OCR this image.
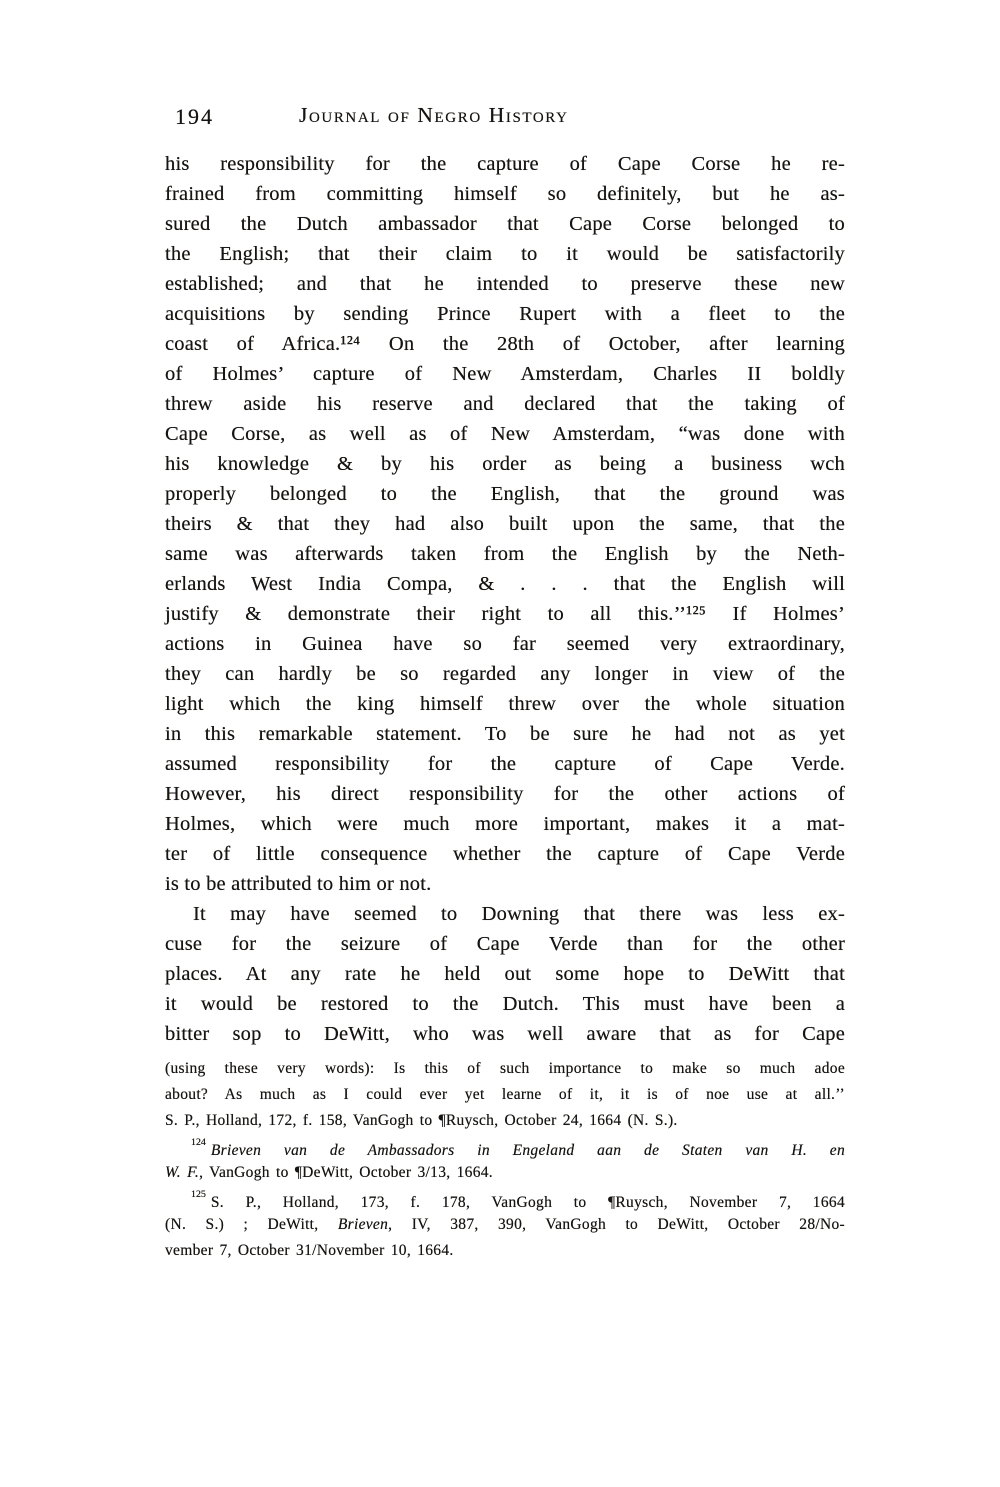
194	Journal of Negro History
his responsibility for the capture of Cape Corse he re-
frained from committing himself so definitely, but he as-
sured the Dutch ambassador that Cape Corse belonged to
the English; that their claim to it would be satisfactorily
established; and that he intended to preserve these new
acquisitions by sending Prince Rupert with a fleet to the
coast of Africa.¹²⁴ On the 28th of October, after learning
of Holmes’ capture of New Amsterdam, Charles II boldly
threw aside his reserve and declared that the taking of
Cape Corse, as well as of New Amsterdam, “was done with
his knowledge & by his order as being a business wch
properly belonged to the English, that the ground was
theirs & that they had also built upon the same, that the
same was afterwards taken from the English by the Neth-
erlands West India Compa, & . . . that the English will
justify & demonstrate their right to all this.’’¹²⁵ If Holmes’
actions in Guinea have so far seemed very extraordinary,
they can hardly be so regarded any longer in view of the
light which the king himself threw over the whole situation
in this remarkable statement. To be sure he had not as yet
assumed responsibility for the capture of Cape Verde.
However, his direct responsibility for the other actions of
Holmes, which were much more important, makes it a mat-
ter of little consequence whether the capture of Cape Verde
is to be attributed to him or not.
It may have seemed to Downing that there was less ex-
cuse for the seizure of Cape Verde than for the other
places. At any rate he held out some hope to DeWitt that
it would be restored to the Dutch. This must have been a
bitter sop to DeWitt, who was well aware that as for Cape
(using these very words): Is this of such importance to make so much adoe
about? As much as I could ever yet learne of it, it is of noe use at all.’’
S. P., Holland, 172, f. 158, VanGogh to ¶Ruysch, October 24, 1664 (N. S.).
$^{124}$Brieven van de Ambassadors in Engeland aan de Staten van H. en
W. F., VanGogh to ¶DeWitt, October 3/13, 1664.
$^{125}$S. P., Holland, 173, f. 178, VanGogh to ¶Ruysch, November 7, 1664
(N. S.) ; DeWitt, Brieven, IV, 387, 390, VanGogh to DeWitt, October 28/No-
vember 7, October 31/November 10, 1664.
